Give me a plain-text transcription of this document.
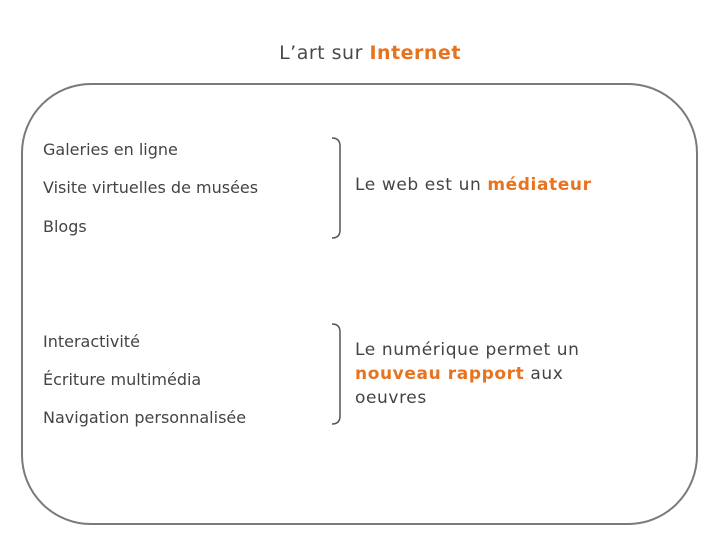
L’art sur Internet
Galeries en ligne
Visite virtuelles de musées
Blogs
Le web est un médiateur
Interactivité
Écriture multimédia
Navigation personnalisée
Le numérique permet un
nouveau rapport aux
oeuvres
